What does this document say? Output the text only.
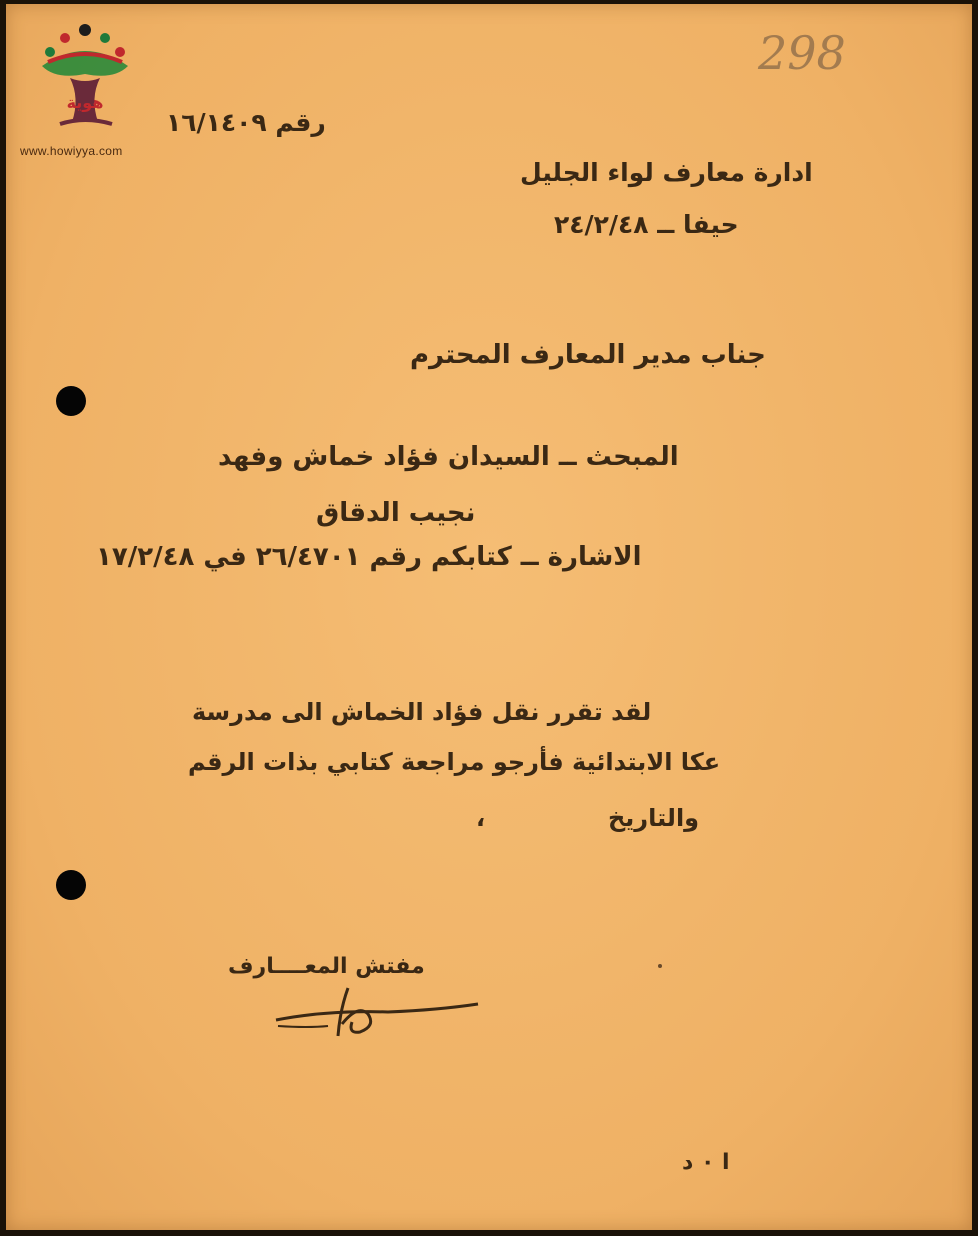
هوية
www.howiyya.com
298
رقم ١٦/١٤٠٩
ادارة معارف لواء الجليل
حيفا ــ ٢٤/٢/٤٨
جناب مدير المعارف المحترم
المبحث ــ السيدان فؤاد خماش وفهد
نجيب الدقاق
الاشارة ــ كتابكم رقم ٢٦/٤٧٠١ في ١٧/٢/٤٨
لقد تقرر نقل فؤاد الخماش الى مدرسة
عكا الابتدائية فأرجو مراجعة كتابي بذات الرقم
والتاريخ
،
مفتش المعــــارف
ا ٠ د
